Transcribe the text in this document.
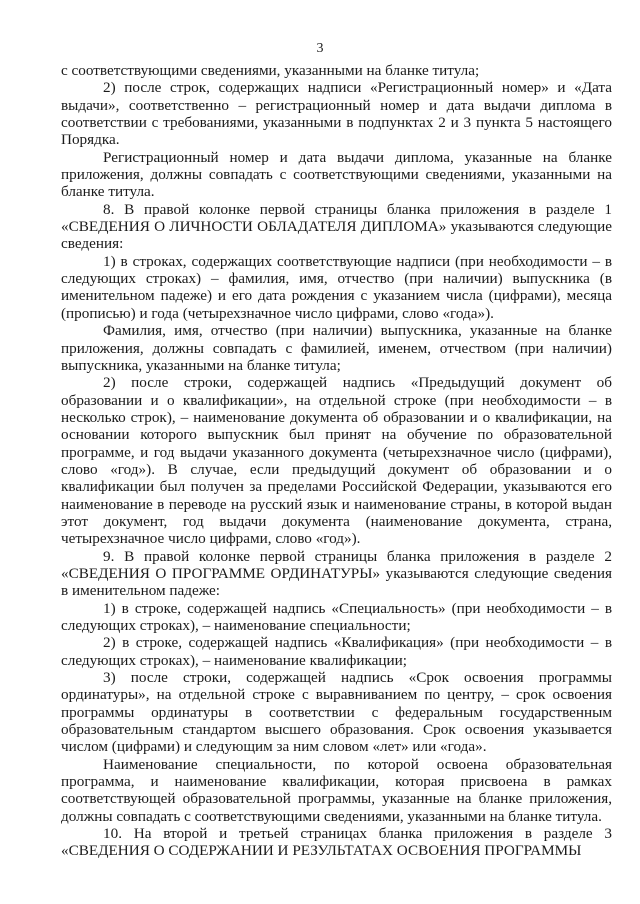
3

с соответствующими сведениями, указанными на бланке титула;

2) после строк, содержащих надписи «Регистрационный номер» и «Дата выдачи», соответственно – регистрационный номер и дата выдачи диплома в соответствии с требованиями, указанными в подпунктах 2 и 3 пункта 5 настоящего Порядка.

Регистрационный номер и дата выдачи диплома, указанные на бланке приложения, должны совпадать с соответствующими сведениями, указанными на бланке титула.

8. В правой колонке первой страницы бланка приложения в разделе 1 «СВЕДЕНИЯ О ЛИЧНОСТИ ОБЛАДАТЕЛЯ ДИПЛОМА» указываются следующие сведения:

1) в строках, содержащих соответствующие надписи (при необходимости – в следующих строках) – фамилия, имя, отчество (при наличии) выпускника (в именительном падеже) и его дата рождения с указанием числа (цифрами), месяца (прописью) и года (четырехзначное число цифрами, слово «года»).

Фамилия, имя, отчество (при наличии) выпускника, указанные на бланке приложения, должны совпадать с фамилией, именем, отчеством (при наличии) выпускника, указанными на бланке титула;

2) после строки, содержащей надпись «Предыдущий документ об образовании и о квалификации», на отдельной строке (при необходимости – в несколько строк), – наименование документа об образовании и о квалификации, на основании которого выпускник был принят на обучение по образовательной программе, и год выдачи указанного документа (четырехзначное число (цифрами), слово «год»). В случае, если предыдущий документ об образовании и о квалификации был получен за пределами Российской Федерации, указываются его наименование в переводе на русский язык и наименование страны, в которой выдан этот документ, год выдачи документа (наименование документа, страна, четырехзначное число цифрами, слово «год»).

9. В правой колонке первой страницы бланка приложения в разделе 2 «СВЕДЕНИЯ О ПРОГРАММЕ ОРДИНАТУРЫ» указываются следующие сведения в именительном падеже:

1) в строке, содержащей надпись «Специальность» (при необходимости – в следующих строках), – наименование специальности;

2) в строке, содержащей надпись «Квалификация» (при необходимости – в следующих строках), – наименование квалификации;

3) после строки, содержащей надпись «Срок освоения программы ординатуры», на отдельной строке с выравниванием по центру, – срок освоения программы ординатуры в соответствии с федеральным государственным образовательным стандартом высшего образования. Срок освоения указывается числом (цифрами) и следующим за ним словом «лет» или «года».

Наименование специальности, по которой освоена образовательная программа, и наименование квалификации, которая присвоена в рамках соответствующей образовательной программы, указанные на бланке приложения, должны совпадать с соответствующими сведениями, указанными на бланке титула.

10. На второй и третьей страницах бланка приложения в разделе 3 «СВЕДЕНИЯ О СОДЕРЖАНИИ И РЕЗУЛЬТАТАХ ОСВОЕНИЯ ПРОГРАММЫ
